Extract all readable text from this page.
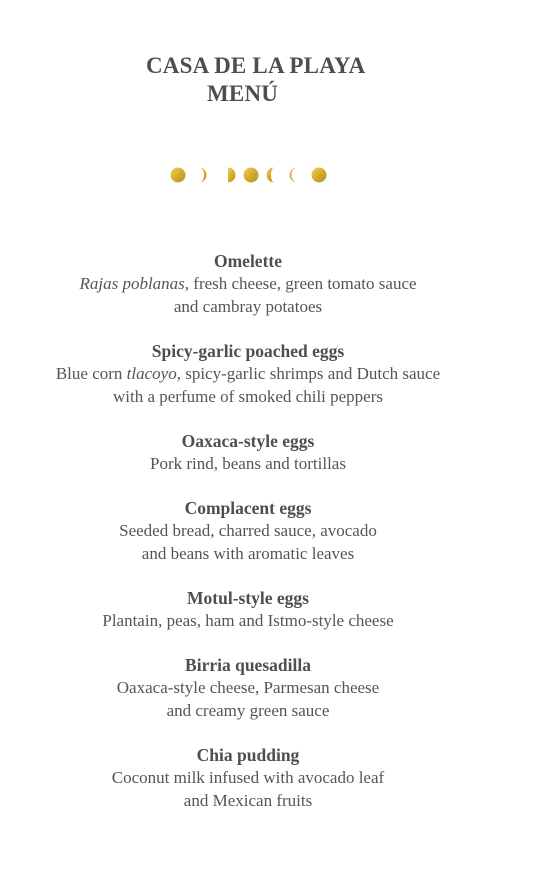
CASA DE LA PLAYA
MENÚ
Omelette
Rajas poblanas, fresh cheese, green tomato sauce
and cambray potatoes
Spicy-garlic poached eggs
Blue corn tlacoyo, spicy-garlic shrimps and Dutch sauce
with a perfume of smoked chili peppers
Oaxaca-style eggs
Pork rind, beans and tortillas
Complacent eggs
Seeded bread, charred sauce, avocado
and beans with aromatic leaves
Motul-style eggs
Plantain, peas, ham and Istmo-style cheese
Birria quesadilla
Oaxaca-style cheese, Parmesan cheese
and creamy green sauce
Chia pudding
Coconut milk infused with avocado leaf
and Mexican fruits
